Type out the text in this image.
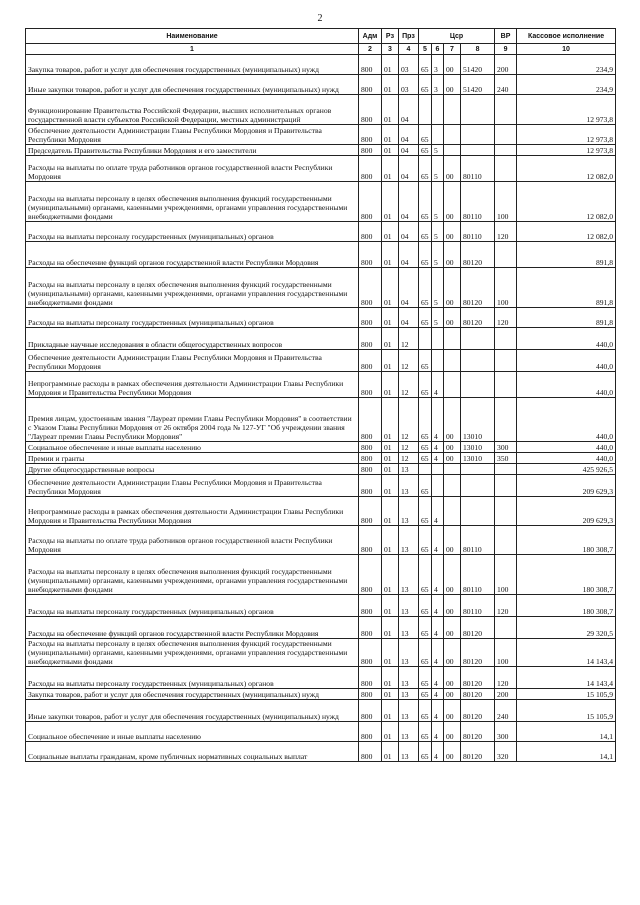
2
Наименование	Адм	Рз	Прз	Цср				ВР	Кассовое исполнение
1	2	3	4	5	6	7	8	9	10
Закупка товаров, работ и услуг для обеспечения государственных (муниципальных) нужд	800	01	03	65	3	00	51420	200	234,9
Иные закупки товаров, работ и услуг для обеспечения государственных (муниципальных) нужд	800	01	03	65	3	00	51420	240	234,9
Функционирование Правительства Российской Федерации, высших исполнительных органов государственной власти субъектов Российской Федерации, местных администраций	800	01	04						12 973,8
Обеспечение деятельности Администрации Главы Республики Мордовия и Правительства Республики Мордовия	800	01	04	65					12 973,8
Председатель Правительства Республики Мордовия и его заместители	800	01	04	65	5				12 973,8
Расходы на выплаты по оплате труда работников органов государственной власти Республики Мордовия	800	01	04	65	5	00	80110		12 082,0
Расходы на выплаты персоналу в целях обеспечения выполнения функций государственными (муниципальными) органами, казенными учреждениями, органами управления государственными внебюджетными фондами	800	01	04	65	5	00	80110	100	12 082,0
Расходы на выплаты персоналу государственных (муниципальных) органов	800	01	04	65	5	00	80110	120	12 082,0
Расходы на обеспечение функций органов государственной власти Республики Мордовия	800	01	04	65	5	00	80120		891,8
Расходы на выплаты персоналу в целях обеспечения выполнения функций государственными (муниципальными) органами, казенными учреждениями, органами управления государственными внебюджетными фондами	800	01	04	65	5	00	80120	100	891,8
Расходы на выплаты персоналу государственных (муниципальных) органов	800	01	04	65	5	00	80120	120	891,8
Прикладные научные исследования в области общегосударственных вопросов	800	01	12						440,0
Обеспечение деятельности Администрации Главы Республики Мордовия и Правительства Республики Мордовия	800	01	12	65					440,0
Непрограммные расходы в рамках обеспечения деятельности Администрации Главы Республики Мордовия и Правительства Республики Мордовия	800	01	12	65	4				440,0
Премия лицам, удостоенным звания "Лауреат премии Главы Республики Мордовия" в соответствии с Указом Главы Республики Мордовия от 26 октября 2004 года № 127-УГ "Об учреждении звания "Лауреат премии Главы Республики Мордовия"	800	01	12	65	4	00	13010		440,0
Социальное обеспечение и иные выплаты населению	800	01	12	65	4	00	13010	300	440,0
Премии и гранты	800	01	12	65	4	00	13010	350	440,0
Другие общегосударственные вопросы	800	01	13						425 926,5
Обеспечение деятельности Администрации Главы Республики Мордовия и Правительства Республики Мордовия	800	01	13	65					209 629,3
Непрограммные расходы в рамках обеспечения деятельности Администрации Главы Республики Мордовия и Правительства Республики Мордовия	800	01	13	65	4				209 629,3
Расходы на выплаты по оплате труда работников органов государственной власти Республики Мордовия	800	01	13	65	4	00	80110		180 308,7
Расходы на выплаты персоналу в целях обеспечения выполнения функций государственными (муниципальными) органами, казенными учреждениями, органами управления государственными внебюджетными фондами	800	01	13	65	4	00	80110	100	180 308,7
Расходы на выплаты персоналу государственных (муниципальных) органов	800	01	13	65	4	00	80110	120	180 308,7
Расходы на обеспечение функций органов государственной власти Республики Мордовия	800	01	13	65	4	00	80120		29 320,5
Расходы на выплаты персоналу в целях обеспечения выполнения функций государственными (муниципальными) органами, казенными учреждениями, органами управления государственными внебюджетными фондами	800	01	13	65	4	00	80120	100	14 143,4
Расходы на выплаты персоналу государственных (муниципальных) органов	800	01	13	65	4	00	80120	120	14 143,4
Закупка товаров, работ и услуг для обеспечения государственных (муниципальных) нужд	800	01	13	65	4	00	80120	200	15 105,9
Иные закупки товаров, работ и услуг для обеспечения государственных (муниципальных) нужд	800	01	13	65	4	00	80120	240	15 105,9
Социальное обеспечение и иные выплаты населению	800	01	13	65	4	00	80120	300	14,1
Социальные выплаты гражданам, кроме публичных нормативных социальных выплат	800	01	13	65	4	00	80120	320	14,1
